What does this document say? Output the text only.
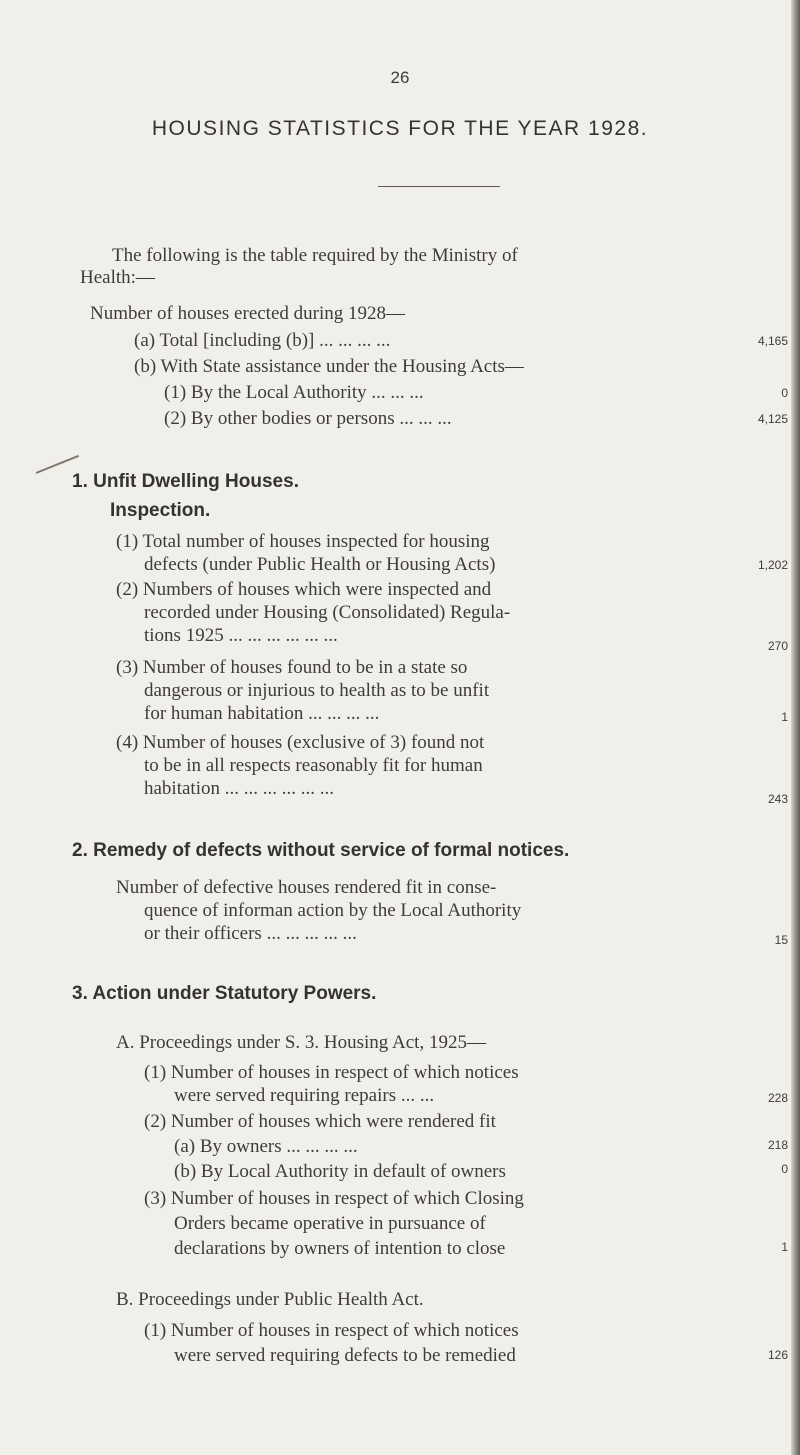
26
HOUSING STATISTICS FOR THE YEAR 1928.
The following is the table required by the Ministry of
Health:—
Number of houses erected during 1928—
(a) Total [including (b)] ... ... ... ...	4,165
(b) With State assistance under the Housing Acts—
(1) By the Local Authority ... ... ...	0
(2) By other bodies or persons ... ... ...	4,125
1. Unfit Dwelling Houses.
Inspection.
(1) Total number of houses inspected for housing
defects (under Public Health or Housing Acts)	1,202
(2) Numbers of houses which were inspected and
recorded under Housing (Consolidated) Regula-
tions 1925 ... ... ... ... ... ...	270
(3) Number of houses found to be in a state so
dangerous or injurious to health as to be unfit
for human habitation ... ... ... ...	1
(4) Number of houses (exclusive of 3) found not
to be in all respects reasonably fit for human
habitation ... ... ... ... ... ...	243
2. Remedy of defects without service of formal notices.
Number of defective houses rendered fit in conse-
quence of informan action by the Local Authority
or their officers ... ... ... ... ...	15
3. Action under Statutory Powers.
A. Proceedings under S. 3. Housing Act, 1925—
(1) Number of houses in respect of which notices
were served requiring repairs ... ...	228
(2) Number of houses which were rendered fit
(a) By owners ... ... ... ...	218
(b) By Local Authority in default of owners	0
(3) Number of houses in respect of which Closing
Orders became operative in pursuance of
declarations by owners of intention to close	1
B. Proceedings under Public Health Act.
(1) Number of houses in respect of which notices
were served requiring defects to be remedied	126
